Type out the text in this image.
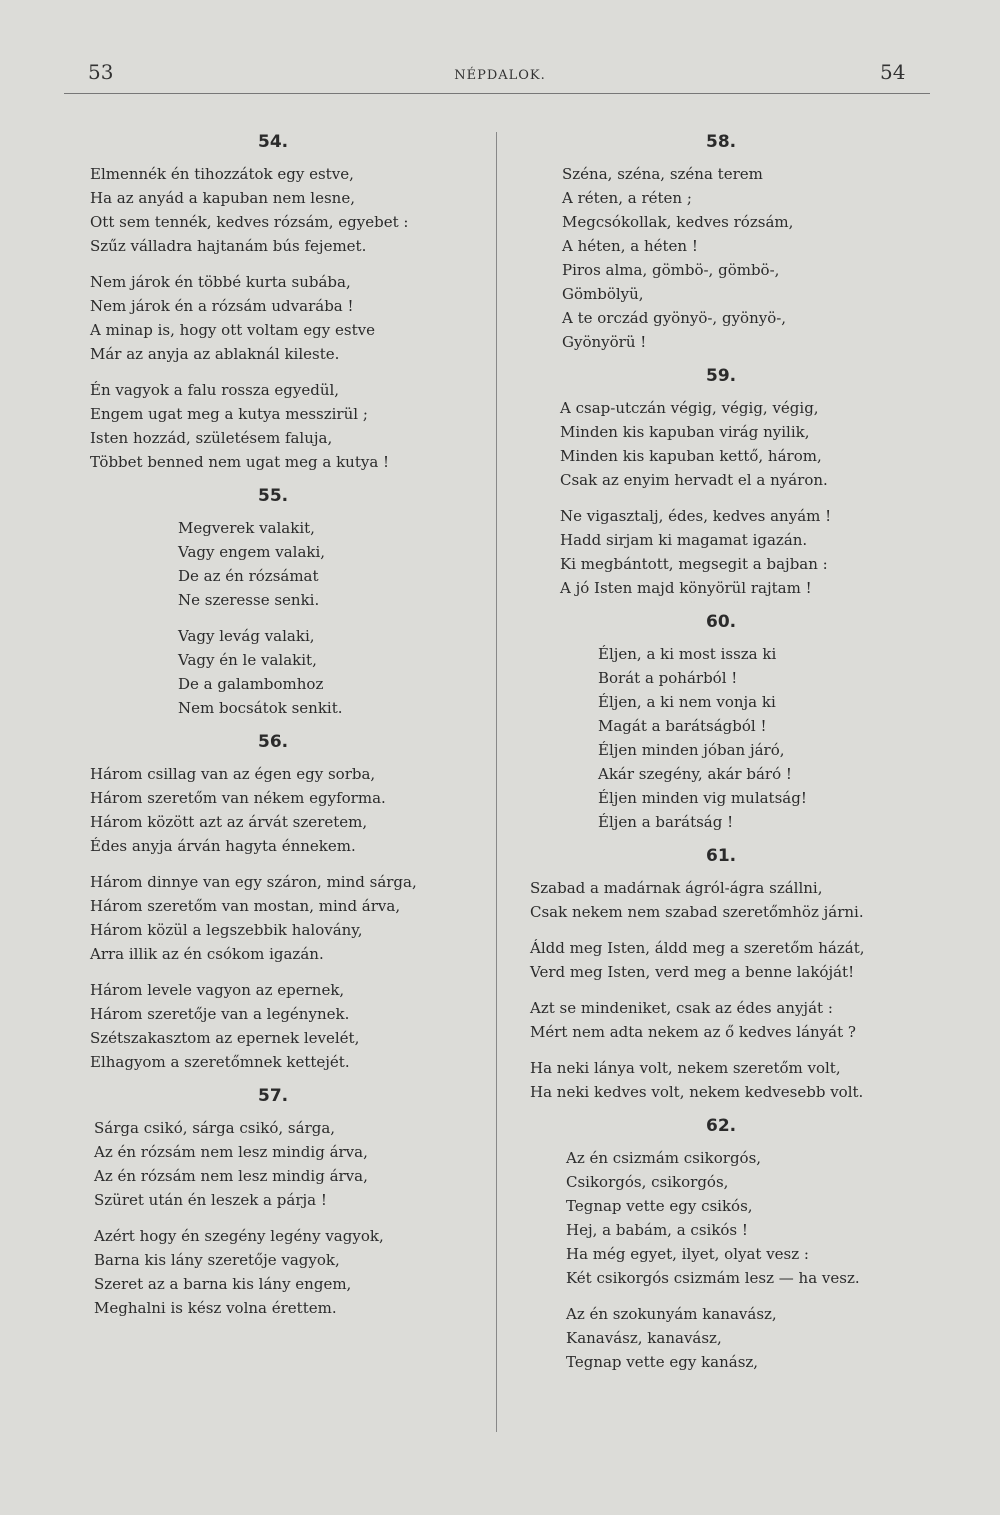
53	NÉPDALOK.	54
54.
Elmennék én tihozzátok egy estve,
Ha az anyád a kapuban nem lesne,
Ott sem tennék, kedves rózsám, egyebet :
Szűz válladra hajtanám bús fejemet.
Nem járok én többé kurta subába,
Nem járok én a rózsám udvarába !
A minap is, hogy ott voltam egy estve
Már az anyja az ablaknál kileste.
Én vagyok a falu rossza egyedül,
Engem ugat meg a kutya messzirül ;
Isten hozzád, születésem faluja,
Többet benned nem ugat meg a kutya !
55.
Megverek valakit,
Vagy engem valaki,
De az én rózsámat
Ne szeresse senki.
Vagy levág valaki,
Vagy én le valakit,
De a galambomhoz
Nem bocsátok senkit.
56.
Három csillag van az égen egy sorba,
Három szeretőm van nékem egyforma.
Három között azt az árvát szeretem,
Édes anyja árván hagyta énnekem.
Három dinnye van egy száron, mind sárga,
Három szeretőm van mostan, mind árva,
Három közül a legszebbik halovány,
Arra illik az én csókom igazán.
Három levele vagyon az epernek,
Három szeretője van a legénynek.
Szétszakasztom az epernek levelét,
Elhagyom a szeretőmnek kettejét.
57.
Sárga csikó, sárga csikó, sárga,
Az én rózsám nem lesz mindig árva,
Az én rózsám nem lesz mindig árva,
Szüret után én leszek a párja !
Azért hogy én szegény legény vagyok,
Barna kis lány szeretője vagyok,
Szeret az a barna kis lány engem,
Meghalni is kész volna érettem.
58.
Széna, széna, széna terem
A réten, a réten ;
Megcsókollak, kedves rózsám,
A héten, a héten !
Piros alma, gömbö-, gömbö-,
Gömbölyü,
A te orczád gyönyö-, gyönyö-,
Gyönyörü !
59.
A csap-utczán végig, végig, végig,
Minden kis kapuban virág nyilik,
Minden kis kapuban kettő, három,
Csak az enyim hervadt el a nyáron.
Ne vigasztalj, édes, kedves anyám !
Hadd sirjam ki magamat igazán.
Ki megbántott, megsegit a bajban :
A jó Isten majd könyörül rajtam !
60.
Éljen, a ki most issza ki
Borát a pohárból !
Éljen, a ki nem vonja ki
Magát a barátságból !
Éljen minden jóban járó,
Akár szegény, akár báró !
Éljen minden vig mulatság!
Éljen a barátság !
61.
Szabad a madárnak ágról-ágra szállni,
Csak nekem nem szabad szeretőmhöz járni.
Áldd meg Isten, áldd meg a szeretőm házát,
Verd meg Isten, verd meg a benne lakóját!
Azt se mindeniket, csak az édes anyját :
Mért nem adta nekem az ő kedves lányát ?
Ha neki lánya volt, nekem szeretőm volt,
Ha neki kedves volt, nekem kedvesebb volt.
62.
Az én csizmám csikorgós,
Csikorgós, csikorgós,
Tegnap vette egy csikós,
Hej, a babám, a csikós !
Ha még egyet, ilyet, olyat vesz :
Két csikorgós csizmám lesz — ha vesz.
Az én szokunyám kanavász,
Kanavász, kanavász,
Tegnap vette egy kanász,
